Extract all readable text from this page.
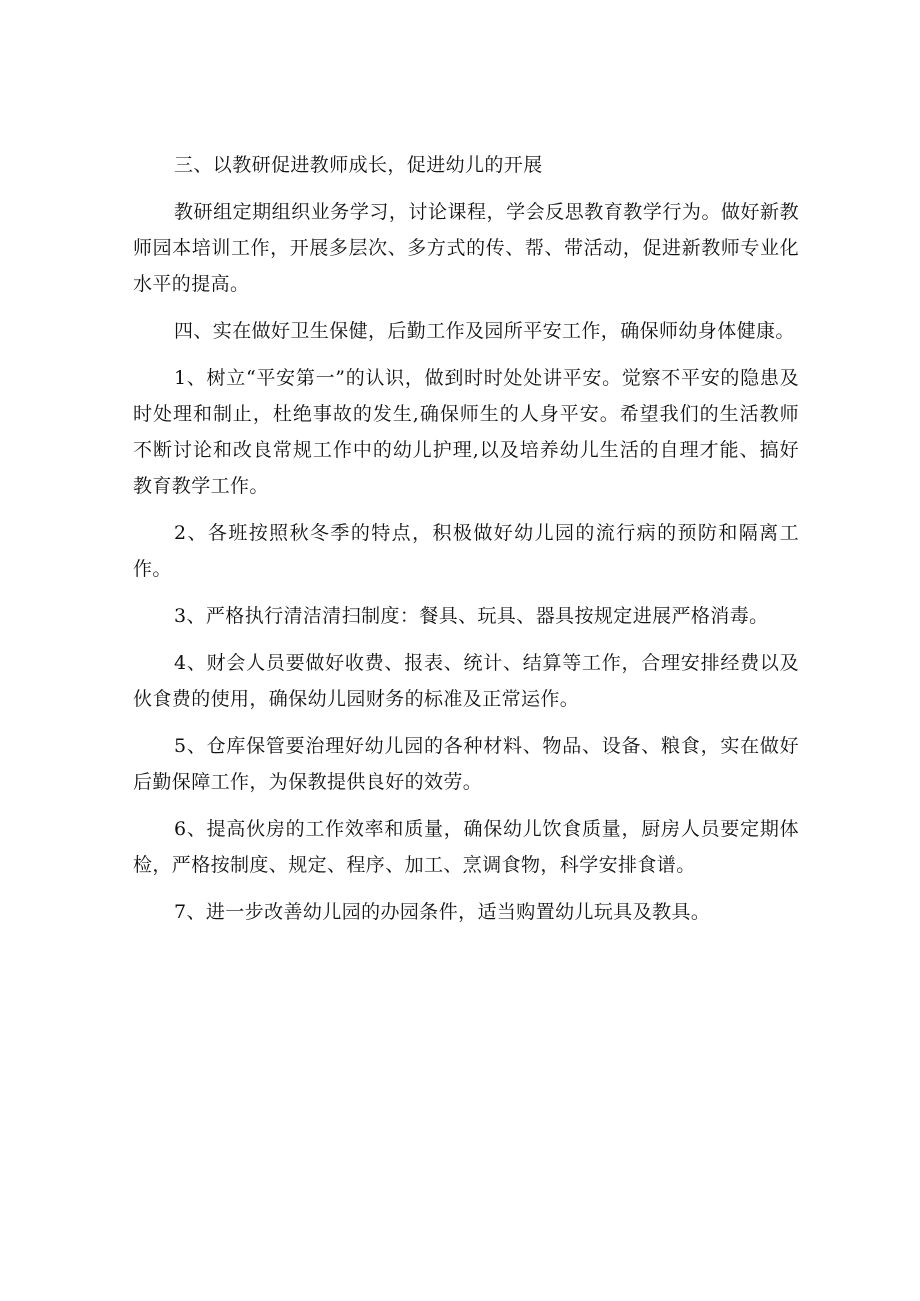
三、以教研促进教师成长，促进幼儿的开展

教研组定期组织业务学习，讨论课程，学会反思教育教学行为。做好新教师园本培训工作，开展多层次、多方式的传、帮、带活动，促进新教师专业化水平的提高。

四、实在做好卫生保健，后勤工作及园所平安工作，确保师幼身体健康。

1、树立“平安第一”的认识，做到时时处处讲平安。觉察不平安的隐患及时处理和制止，杜绝事故的发生,确保师生的人身平安。希望我们的生活教师不断讨论和改良常规工作中的幼儿护理,以及培养幼儿生活的自理才能、搞好教育教学工作。

2、各班按照秋冬季的特点，积极做好幼儿园的流行病的预防和隔离工作。

3、严格执行清洁清扫制度：餐具、玩具、器具按规定进展严格消毒。

4、财会人员要做好收费、报表、统计、结算等工作，合理安排经费以及伙食费的使用，确保幼儿园财务的标准及正常运作。

5、仓库保管要治理好幼儿园的各种材料、物品、设备、粮食，实在做好后勤保障工作，为保教提供良好的效劳。

6、提高伙房的工作效率和质量，确保幼儿饮食质量，厨房人员要定期体检，严格按制度、规定、程序、加工、烹调食物，科学安排食谱。

7、进一步改善幼儿园的办园条件，适当购置幼儿玩具及教具。
